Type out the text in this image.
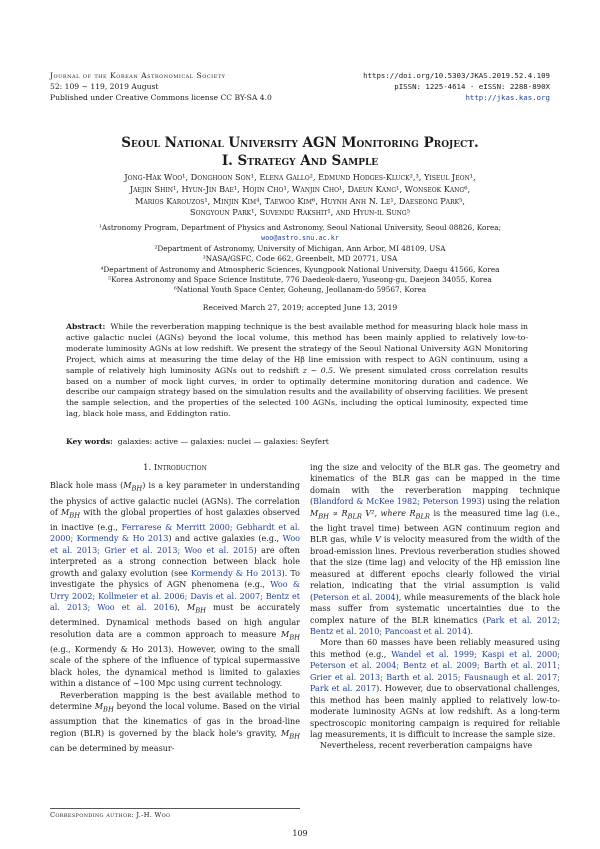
Journal of the Korean Astronomical Society
52: 109 ∼ 119, 2019 August
Published under Creative Commons license CC BY-SA 4.0
https://doi.org/10.5303/JKAS.2019.52.4.109
pISSN: 1225-4614 · eISSN: 2288-890X
http://jkas.kas.org
Seoul National University AGN Monitoring Project.
I. Strategy And Sample
Jong-Hak Woo¹, Donghoon Son¹, Elena Gallo², Edmund Hodges-Kluck²,³, Yiseul Jeon¹,
Jaejin Shin¹, Hyun-Jin Bae¹, Hojin Cho¹, Wanjin Cho¹, Daeun Kang¹, Wonseok Kang⁶,
Marios Karouzos¹, Minjin Kim⁴, Taewoo Kim⁶, Huynh Anh N. Le¹, Daeseong Park⁵,
Songyoun Park¹, Suvendu Rakshit¹, and Hyun-il Sung⁵
¹Astronomy Program, Department of Physics and Astronomy, Seoul National University, Seoul 08826, Korea;
woo@astro.snu.ac.kr
²Department of Astronomy, University of Michigan, Ann Arbor, MI 48109, USA
³NASA/GSFC, Code 662, Greenbelt, MD 20771, USA
⁴Department of Astronomy and Atmospheric Sciences, Kyungpook National University, Daegu 41566, Korea
⁵Korea Astronomy and Space Science Institute, 776 Daedeok-daero, Yuseong-gu, Daejeon 34055, Korea
⁶National Youth Space Center, Goheung, Jeollanam-do 59567, Korea
Received March 27, 2019; accepted June 13, 2019
Abstract: While the reverberation mapping technique is the best available method for measuring black hole mass in active galactic nuclei (AGNs) beyond the local volume, this method has been mainly applied to relatively low-to-moderate luminosity AGNs at low redshift. We present the strategy of the Seoul National University AGN Monitoring Project, which aims at measuring the time delay of the Hβ line emission with respect to AGN continuum, using a sample of relatively high luminosity AGNs out to redshift z ∼ 0.5. We present simulated cross correlation results based on a number of mock light curves, in order to optimally determine monitoring duration and cadence. We describe our campaign strategy based on the simulation results and the availability of observing facilities. We present the sample selection, and the properties of the selected 100 AGNs, including the optical luminosity, expected time lag, black hole mass, and Eddington ratio.
Key words: galaxies: active — galaxies: nuclei — galaxies: Seyfert
1. Introduction

Black hole mass $(M_{BH})$ is a key parameter in understanding the physics of active galactic nuclei (AGNs). The correlation of $M_{BH}$ with the global properties of host galaxies observed in inactive (e.g., Ferrarese & Merritt 2000; Gebhardt et al. 2000; Kormendy & Ho 2013) and active galaxies (e.g., Woo et al. 2013; Grier et al. 2013; Woo et al. 2015) are often interpreted as a strong connection between black hole growth and galaxy evolution (see Kormendy & Ho 2013). To investigate the physics of AGN phenomena (e.g., Woo & Urry 2002; Kollmeier et al. 2006; Davis et al. 2007; Bentz et al. 2013; Woo et al. 2016), $M_{BH}$ must be accurately determined. Dynamical methods based on high angular resolution data are a common approach to measure $M_{BH}$ (e.g., Kormendy & Ho 2013). However, owing to the small scale of the sphere of the influence of typical supermassive black holes, the dynamical method is limited to galaxies within a distance of ∼100 Mpc using current technology.

Reverberation mapping is the best available method to determine $M_{BH}$ beyond the local volume. Based on the virial assumption that the kinematics of gas in the broad-line region (BLR) is governed by the black hole's gravity, $M_{BH}$ can be determined by measur-

ing the size and velocity of the BLR gas. The geometry and kinematics of the BLR gas can be mapped in the time domain with the reverberation mapping technique (Blandford & McKee 1982; Peterson 1993) using the relation $M_{BH} \propto R_{BLR}$ V², where $R_{BLR}$ is the measured time lag (i.e., the light travel time) between AGN continuum region and BLR gas, while V is velocity measured from the width of the broad-emission lines. Previous reverberation studies showed that the size (time lag) and velocity of the Hβ emission line measured at different epochs clearly followed the virial relation, indicating that the virial assumption is valid (Peterson et al. 2004), while measurements of the black hole mass suffer from systematic uncertainties due to the complex nature of the BLR kinematics (Park et al. 2012; Bentz et al. 2010; Pancoast et al. 2014).

More than 60 masses have been reliably measured using this method (e.g., Wandel et al. 1999; Kaspi et al. 2000; Peterson et al. 2004; Bentz et al. 2009; Barth et al. 2011; Grier et al. 2013; Barth et al. 2015; Fausnaugh et al. 2017; Park et al. 2017). However, due to observational challenges, this method has been mainly applied to relatively low-to-moderate luminosity AGNs at low redshift. As a long-term spectroscopic monitoring campaign is required for reliable lag measurements, it is difficult to increase the sample size.

Nevertheless, recent reverberation campaigns have

Corresponding author: J.-H. Woo
109
